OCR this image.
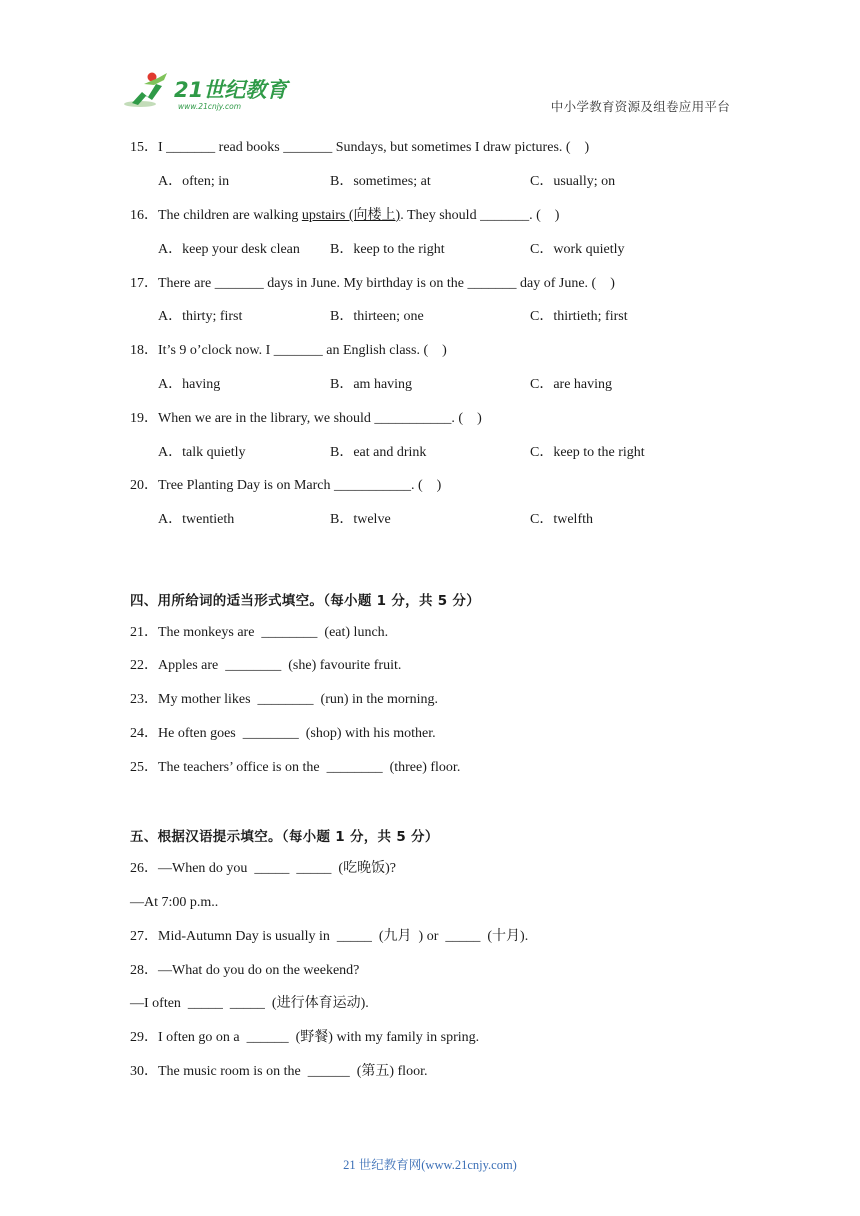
21世纪教育
www.21cnjy.com	中小学教育资源及组卷应用平台
15．I _______ read books _______ Sundays, but sometimes I draw pictures. (    )
A．often; in	B．sometimes; at	C．usually; on
16．The children are walking upstairs (向楼上). They should _______. (    )
A．keep your desk clean B．keep to the right	C．work quietly
17．There are _______ days in June. My birthday is on the _______ day of June. (    )
A．thirty; first	B．thirteen; one	C．thirtieth; first
18．It’s 9 o’clock now. I _______ an English class. (    )
A．having	B．am having	C．are having
19．When we are in the library, we should ___________. (    )
A．talk quietly	B．eat and drink	C．keep to the right
20．Tree Planting Day is on March ___________. (    )
A．twentieth	B．twelve	C．twelfth
四、用所给词的适当形式填空。（每小题 1 分，共 5 分）
21．The monkeys are  ________  (eat) lunch.
22．Apples are  ________  (she) favourite fruit.
23．My mother likes  ________  (run) in the morning.
24．He often goes  ________  (shop) with his mother.
25．The teachers’ office is on the  ________  (three) floor.
五、根据汉语提示填空。（每小题 1 分，共 5 分）
26．—When do you  _____  _____  (吃晚饭)?
—At 7:00 p.m..
27．Mid-Autumn Day is usually in  _____  (九月  ) or  _____  (十月).
28．—What do you do on the weekend?
—I often  _____  _____  (进行体育运动).
29．I often go on a  ______  (野餐) with my family in spring.
30．The music room is on the  ______  (第五) floor.
21 世纪教育网(www.21cnjy.com)
